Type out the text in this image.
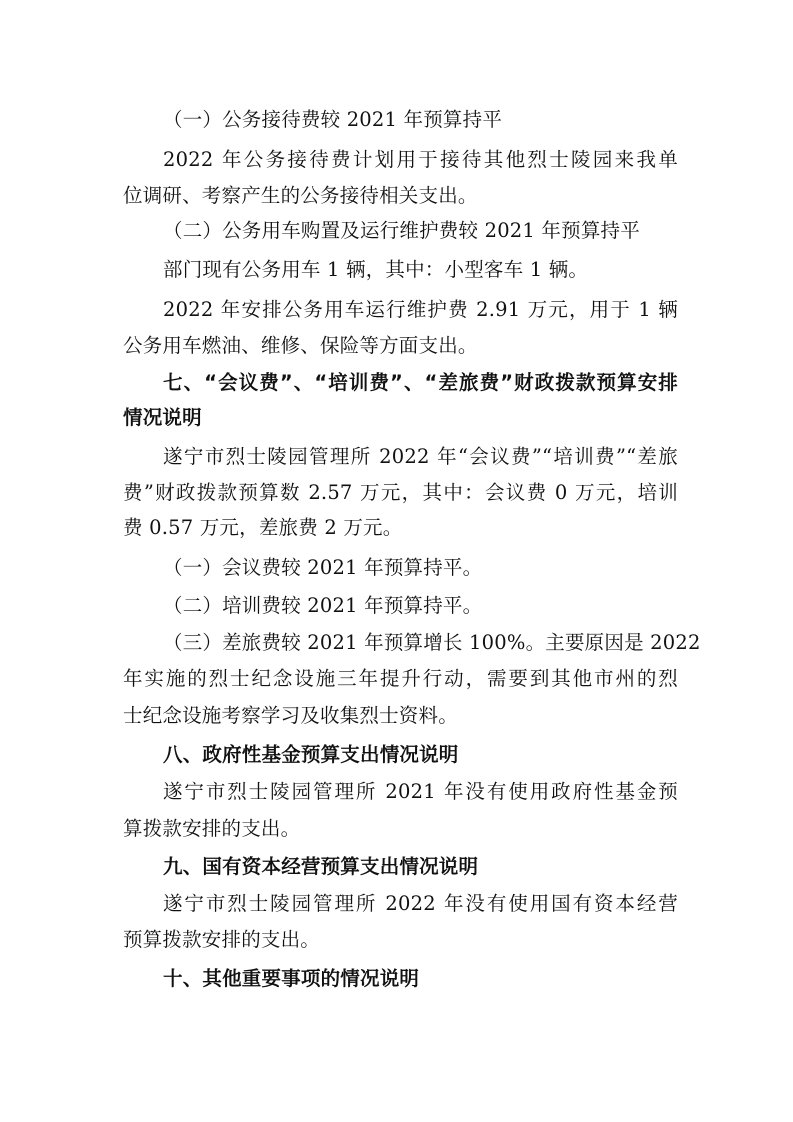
（一）公务接待费较 2021 年预算持平
2022 年公务接待费计划用于接待其他烈士陵园来我单
位调研、考察产生的公务接待相关支出。
（二）公务用车购置及运行维护费较 2021 年预算持平
部门现有公务用车 1 辆，其中：小型客车 1 辆。
2022 年安排公务用车运行维护费 2.91 万元，用于 1 辆
公务用车燃油、维修、保险等方面支出。
七、“会议费”、“培训费”、“差旅费”财政拨款预算安排
情况说明
遂宁市烈士陵园管理所 2022 年“会议费”“培训费”“差旅
费”财政拨款预算数 2.57 万元，其中：会议费 0 万元，培训
费 0.57 万元，差旅费 2 万元。
（一）会议费较 2021 年预算持平。
（二）培训费较 2021 年预算持平。
（三）差旅费较 2021 年预算增长 100%。主要原因是 2022
年实施的烈士纪念设施三年提升行动，需要到其他市州的烈
士纪念设施考察学习及收集烈士资料。
八、政府性基金预算支出情况说明
遂宁市烈士陵园管理所 2021 年没有使用政府性基金预
算拨款安排的支出。
九、国有资本经营预算支出情况说明
遂宁市烈士陵园管理所 2022 年没有使用国有资本经营
预算拨款安排的支出。
十、其他重要事项的情况说明
